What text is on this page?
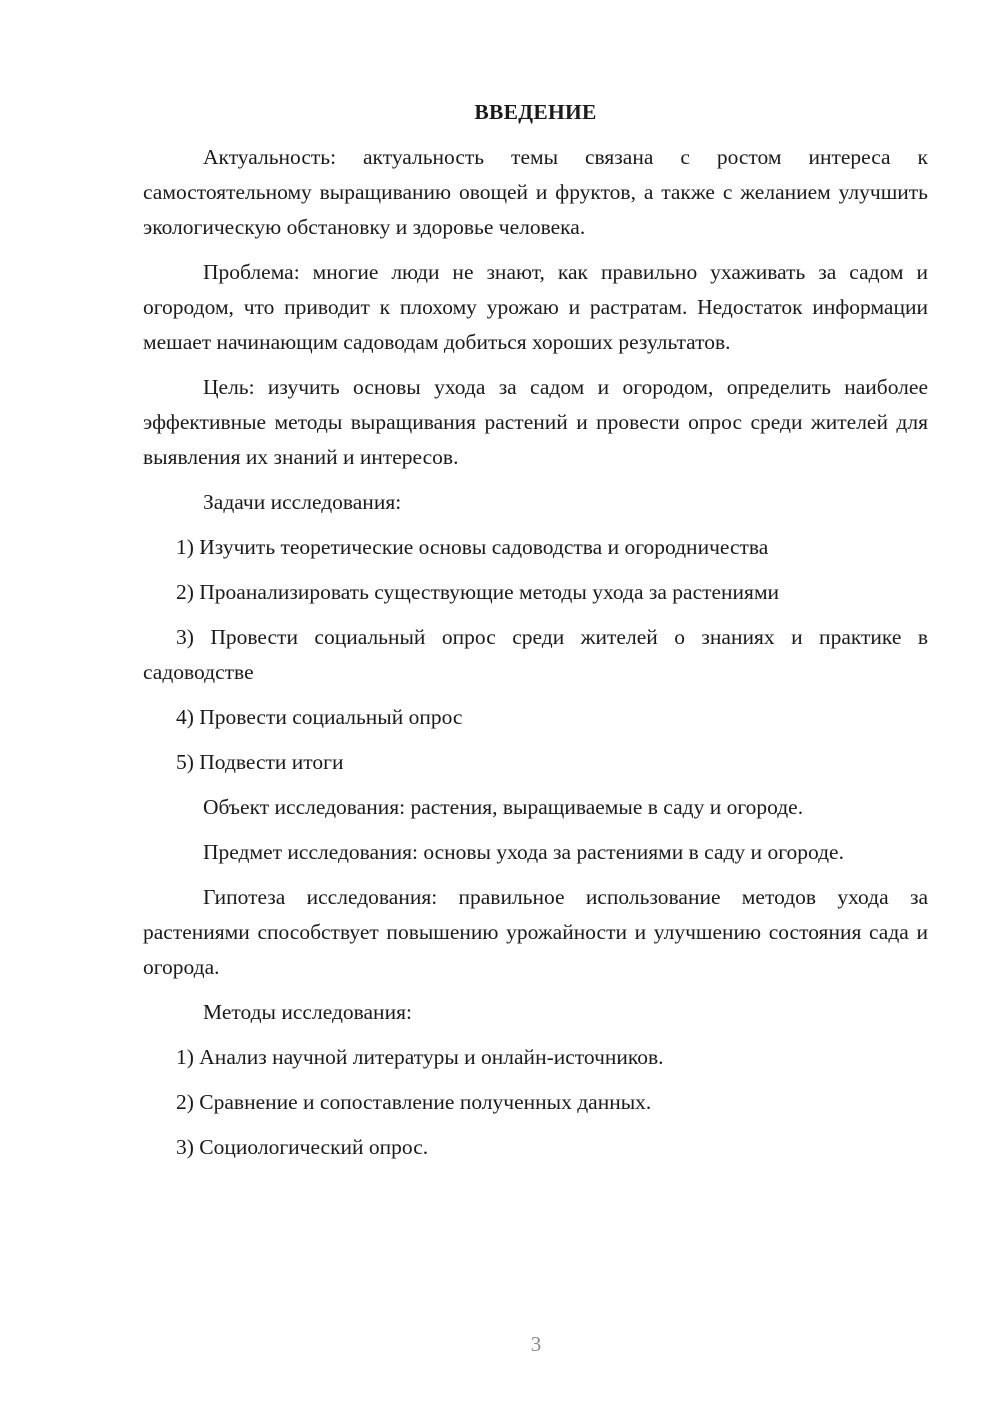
ВВЕДЕНИЕ

Актуальность: актуальность темы связана с ростом интереса к самостоятельному выращиванию овощей и фруктов, а также с желанием улучшить экологическую обстановку и здоровье человека.

Проблема: многие люди не знают, как правильно ухаживать за садом и огородом, что приводит к плохому урожаю и растратам. Недостаток информации мешает начинающим садоводам добиться хороших результатов.

Цель: изучить основы ухода за садом и огородом, определить наиболее эффективные методы выращивания растений и провести опрос среди жителей для выявления их знаний и интересов.

Задачи исследования:

1) Изучить теоретические основы садоводства и огородничества

2) Проанализировать существующие методы ухода за растениями

3) Провести социальный опрос среди жителей о знаниях и практике в садоводстве

4) Провести социальный опрос

5) Подвести итоги

Объект исследования: растения, выращиваемые в саду и огороде.

Предмет исследования: основы ухода за растениями в саду и огороде.

Гипотеза исследования: правильное использование методов ухода за растениями способствует повышению урожайности и улучшению состояния сада и огорода.

Методы исследования:

1) Анализ научной литературы и онлайн-источников.

2) Сравнение и сопоставление полученных данных.

3) Социологический опрос.

3
